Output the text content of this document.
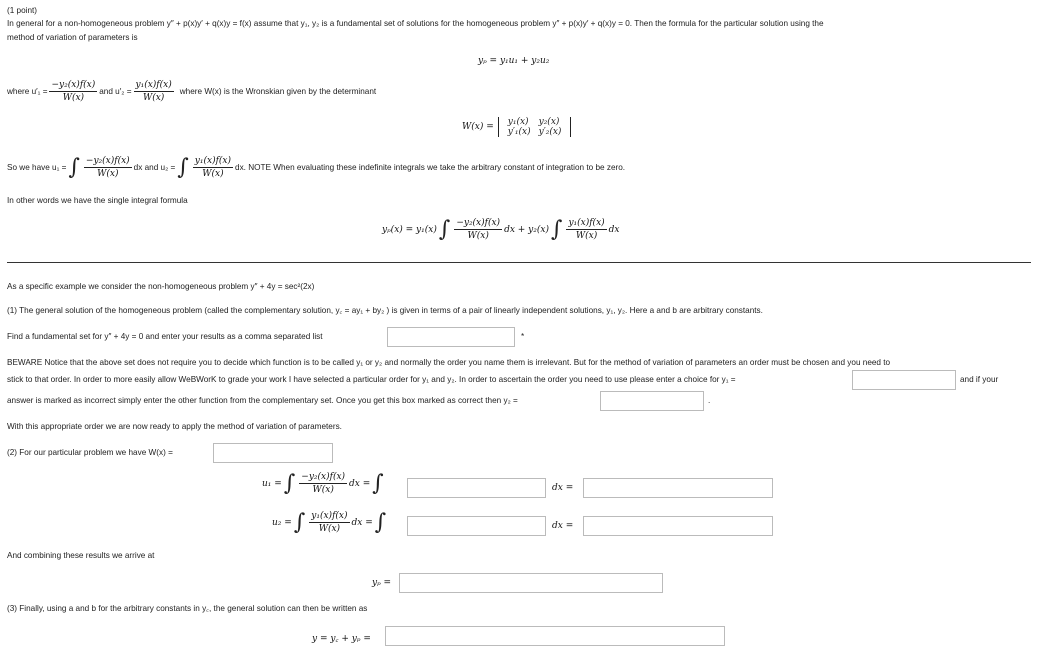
(1 point)
In general for a non-homogeneous problem y″ + p(x)y′ + q(x)y = f(x) assume that y₁, y₂ is a fundamental set of solutions for the homogeneous problem y″ + p(x)y′ + q(x)y = 0. Then the formula for the particular solution using the
method of variation of parameters is
yₚ = y₁u₁ + y₂u₂
where $u'_1 = \frac{\text{−y₂(x)f(x)}}{W(x)}$ and $u'_2 = \frac{\text{y₁(x)f(x)}}{W(x)}$ where W(x) is the Wronskian given by the determinant
W(x) = y₁(x)	y₂(x)
y′₁(x)	y′₂(x)
So we have u₁ = ∫ $\frac{\text{−y₂(x)f(x)}}{W(x)}$ dx and u₂ = ∫ $\frac{\text{y₁(x)f(x)}}{W(x)}$ dx. NOTE When evaluating these indefinite integrals we take the arbitrary constant of integration to be zero.
In other words we have the single integral formula
yₚ(x) = y₁(x) ∫ $\frac{\text{−y₂(x)f(x)}}{W(x)}$ dx + y₂(x) ∫ $\frac{\text{y₁(x)f(x)}}{W(x)}$ dx
As a specific example we consider the non-homogeneous problem y″ + 4y = sec²(2x)
(1) The general solution of the homogeneous problem (called the complementary solution, y꜀ = ay₁ + by₂ ) is given in terms of a pair of linearly independent solutions, y₁, y₂. Here a and b are arbitrary constants.
Find a fundamental set for y″ + 4y = 0 and enter your results as a comma separated list	*
BEWARE Notice that the above set does not require you to decide which function is to be called y₁ or y₂ and normally the order you name them is irrelevant. But for the method of variation of parameters an order must be chosen and you need to
stick to that order. In order to more easily allow WeBWorK to grade your work I have selected a particular order for y₁ and y₂. In order to ascertain the order you need to use please enter a choice for y₁ =	and if your
answer is marked as incorrect simply enter the other function from the complementary set. Once you get this box marked as correct then y₂ =	.
With this appropriate order we are now ready to apply the method of variation of parameters.
(2) For our particular problem we have W(x) =
u₁ = ∫ $\frac{\text{−y₂(x)f(x)}}{W(x)}$ dx = ∫	dx =
u₂ = ∫ $\frac{\text{y₁(x)f(x)}}{W(x)}$ dx = ∫	dx =
And combining these results we arrive at
yₚ =
(3) Finally, using a and b for the arbitrary constants in y꜀, the general solution can then be written as
y = y꜀ + yₚ =
